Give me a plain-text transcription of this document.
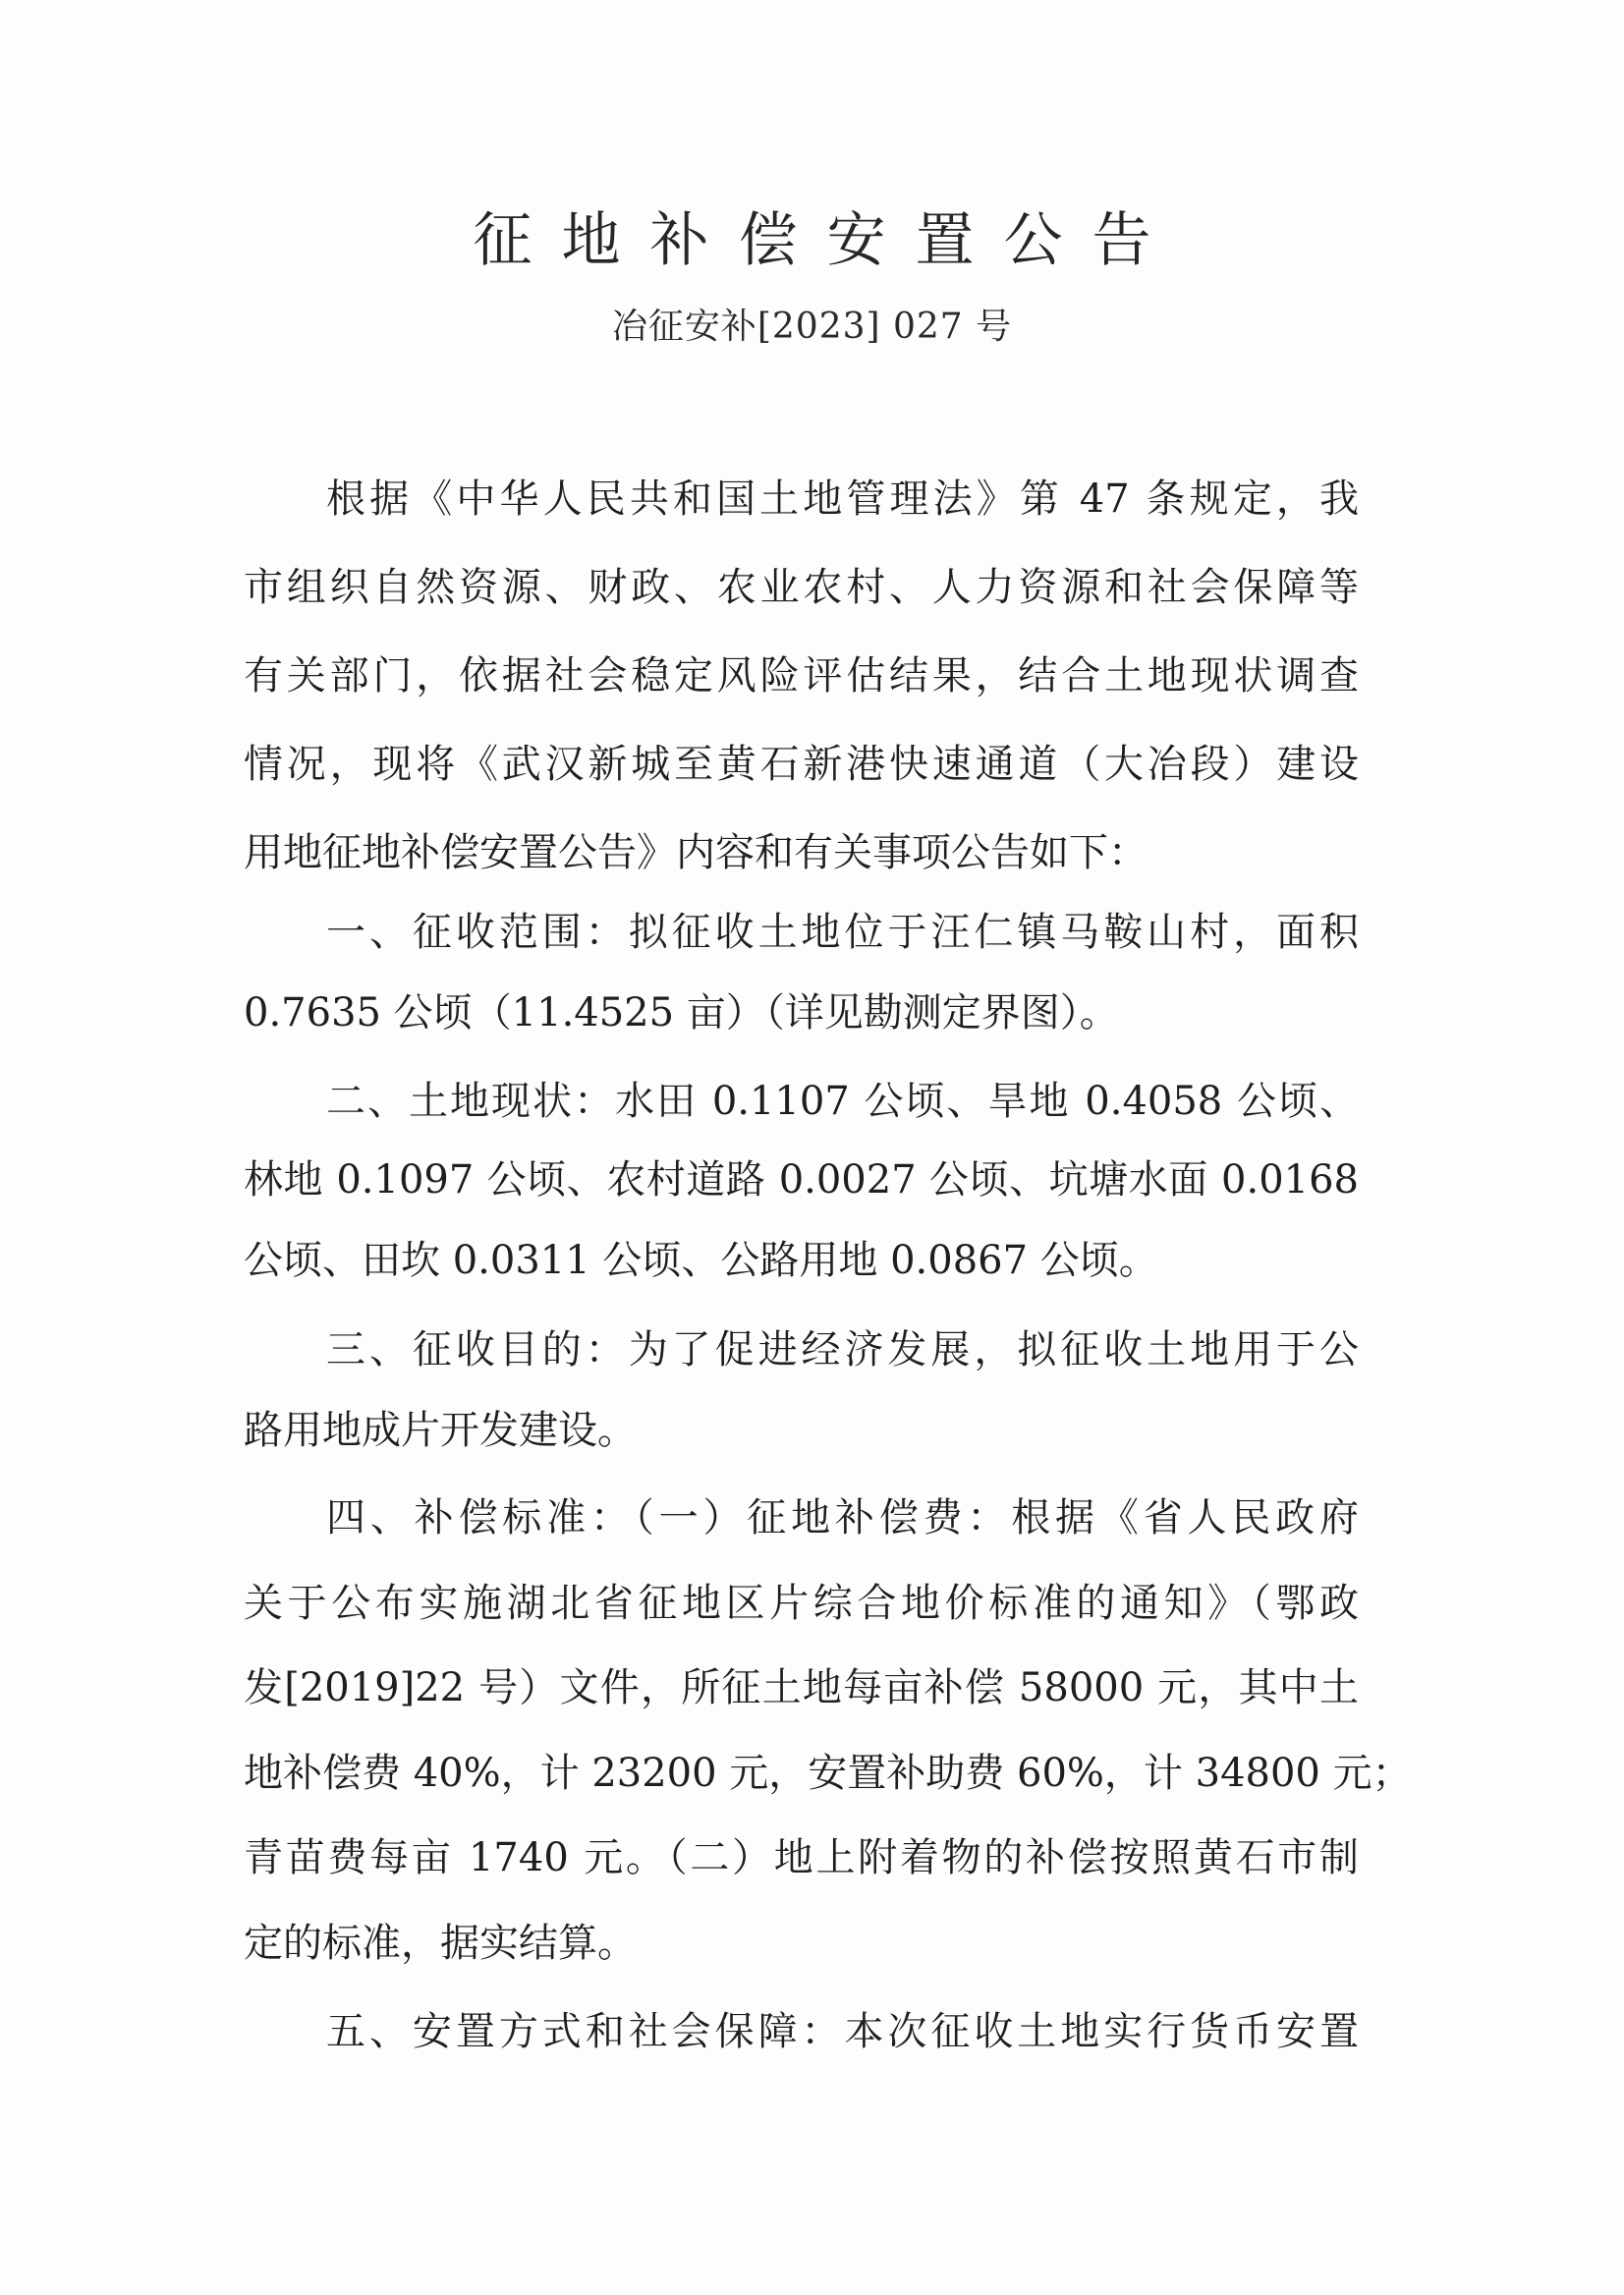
征地补偿安置公告
冶征安补[2023] 027 号
根据《中华人民共和国土地管理法》第 47 条规定，我
市组织自然资源、财政、农业农村、人力资源和社会保障等
有关部门，依据社会稳定风险评估结果，结合土地现状调查
情况，现将《武汉新城至黄石新港快速通道（大冶段）建设
用地征地补偿安置公告》内容和有关事项公告如下：
一、征收范围：拟征收土地位于汪仁镇马鞍山村，面积
0.7635 公顷（11.4525 亩）（详见勘测定界图）。
二、土地现状：水田 0.1107 公顷、旱地 0.4058 公顷、
林地 0.1097 公顷、农村道路 0.0027 公顷、坑塘水面 0.0168
公顷、田坎 0.0311 公顷、公路用地 0.0867 公顷。
三、征收目的：为了促进经济发展，拟征收土地用于公
路用地成片开发建设。
四、补偿标准：（一）征地补偿费：根据《省人民政府
关于公布实施湖北省征地区片综合地价标准的通知》（鄂政
发[2019]22 号）文件，所征土地每亩补偿 58000 元，其中土
地补偿费 40%，计 23200 元，安置补助费 60%，计 34800 元；
青苗费每亩 1740 元。（二）地上附着物的补偿按照黄石市制
定的标准，据实结算。
五、安置方式和社会保障：本次征收土地实行货币安置
